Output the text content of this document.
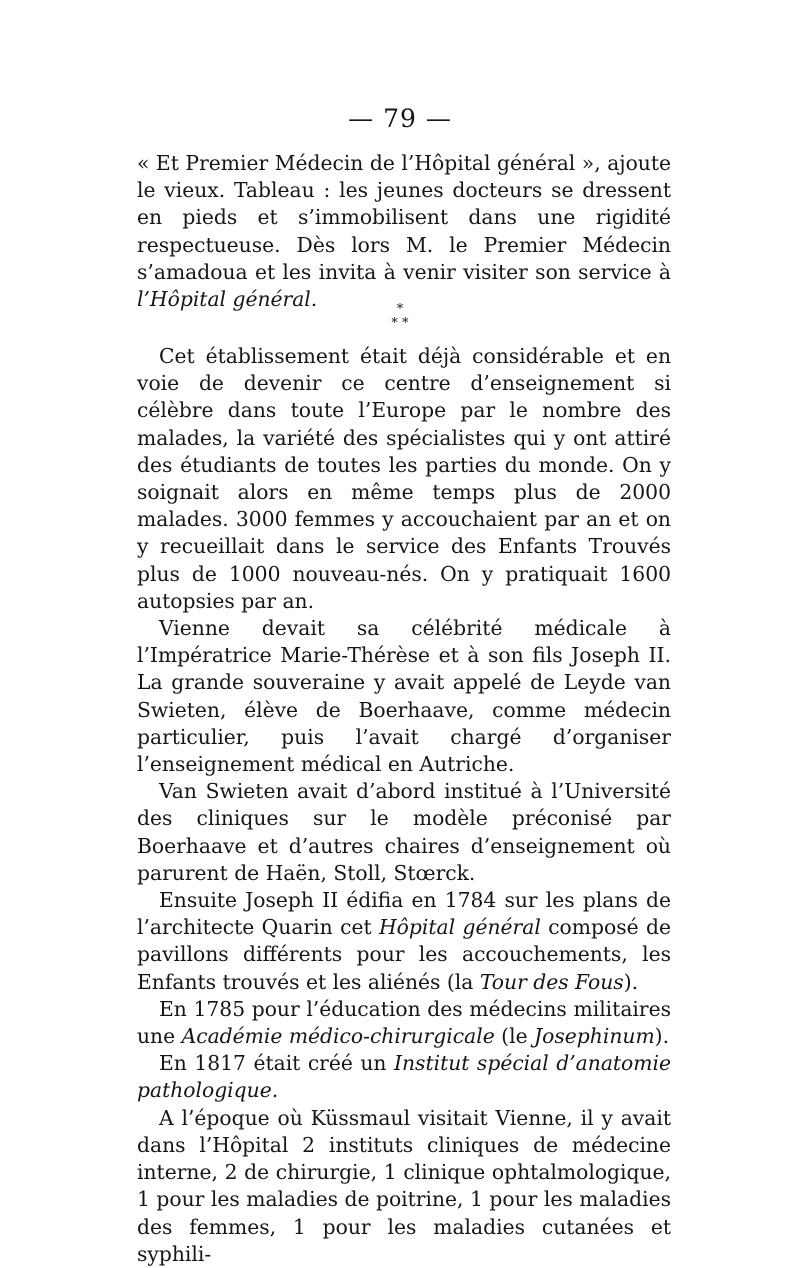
— 79 —

« Et Premier Médecin de l’Hôpital général », ajoute le vieux. Tableau : les jeunes docteurs se dressent en pieds et s’immobilisent dans une rigidité respectueuse. Dès lors M. le Premier Médecin s’amadoua et les invita à venir visiter son service à l’Hôpital général.	*
* *

Cet établissement était déjà considérable et en voie de devenir ce centre d’enseignement si célèbre dans toute l’Europe par le nombre des malades, la variété des spécialistes qui y ont attiré des étudiants de toutes les parties du monde. On y soignait alors en même temps plus de 2000 malades. 3000 femmes y accouchaient par an et on y recueillait dans le service des Enfants Trouvés plus de 1000 nouveau-nés. On y pratiquait 1600 autopsies par an.

Vienne devait sa célébrité médicale à l’Impératrice Marie-Thérèse et à son fils Joseph II. La grande souveraine y avait appelé de Leyde van Swieten, élève de Boerhaave, comme médecin particulier, puis l’avait chargé d’organiser l’enseignement médical en Autriche.

Van Swieten avait d’abord institué à l’Université des cliniques sur le modèle préconisé par Boerhaave et d’autres chaires d’enseignement où parurent de Haën, Stoll, Stœrck.

Ensuite Joseph II édifia en 1784 sur les plans de l’architecte Quarin cet Hôpital général composé de pavillons différents pour les accouchements, les Enfants trouvés et les aliénés (la Tour des Fous).

En 1785 pour l’éducation des médecins militaires une Académie médico-chirurgicale (le Josephinum).

En 1817 était créé un Institut spécial d’anatomie pathologique.

A l’époque où Küssmaul visitait Vienne, il y avait dans l’Hôpital 2 instituts cliniques de médecine interne, 2 de chirurgie, 1 clinique ophtalmologique, 1 pour les maladies de poitrine, 1 pour les maladies des femmes, 1 pour les maladies cutanées et syphili-
